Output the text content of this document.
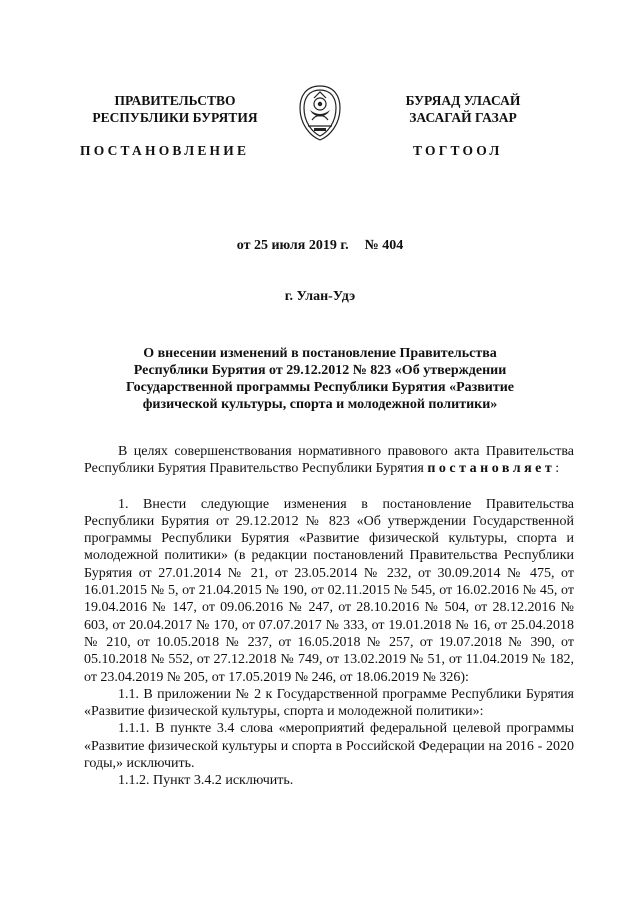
ПРАВИТЕЛЬСТВО
РЕСПУБЛИКИ БУРЯТИЯ
БУРЯАД УЛАСАЙ
ЗАСАГАЙ ГАЗАР
ПОСТАНОВЛЕНИЕ	ТОГТООЛ
от 25 июля 2019 г. № 404
г. Улан-Удэ
О внесении изменений в постановление Правительства
Республики Бурятия от 29.12.2012 № 823 «Об утверждении
Государственной программы Республики Бурятия «Развитие
физической культуры, спорта и молодежной политики»

В целях совершенствования нормативного правового акта Правительства Республики Бурятия Правительство Республики Бурятия постановляет:

1. Внести следующие изменения в постановление Правительства Республики Бурятия от 29.12.2012 № 823 «Об утверждении Государственной программы Республики Бурятия «Развитие физической культуры, спорта и молодежной политики» (в редакции постановлений Правительства Республики Бурятия от 27.01.2014 № 21, от 23.05.2014 № 232, от 30.09.2014 № 475, от 16.01.2015 № 5, от 21.04.2015 № 190, от 02.11.2015 № 545, от 16.02.2016 № 45, от 19.04.2016 № 147, от 09.06.2016 № 247, от 28.10.2016 № 504, от 28.12.2016 № 603, от 20.04.2017 № 170, от 07.07.2017 № 333, от 19.01.2018 № 16, от 25.04.2018 № 210, от 10.05.2018 № 237, от 16.05.2018 № 257, от 19.07.2018 № 390, от 05.10.2018 № 552, от 27.12.2018 № 749, от 13.02.2019 № 51, от 11.04.2019 № 182, от 23.04.2019 № 205, от 17.05.2019 № 246, от 18.06.2019 № 326):

1.1. В приложении № 2 к Государственной программе Республики Бурятия «Развитие физической культуры, спорта и молодежной политики»:

1.1.1. В пункте 3.4 слова «мероприятий федеральной целевой программы «Развитие физической культуры и спорта в Российской Федерации на 2016 - 2020 годы,» исключить.

1.1.2. Пункт 3.4.2 исключить.
